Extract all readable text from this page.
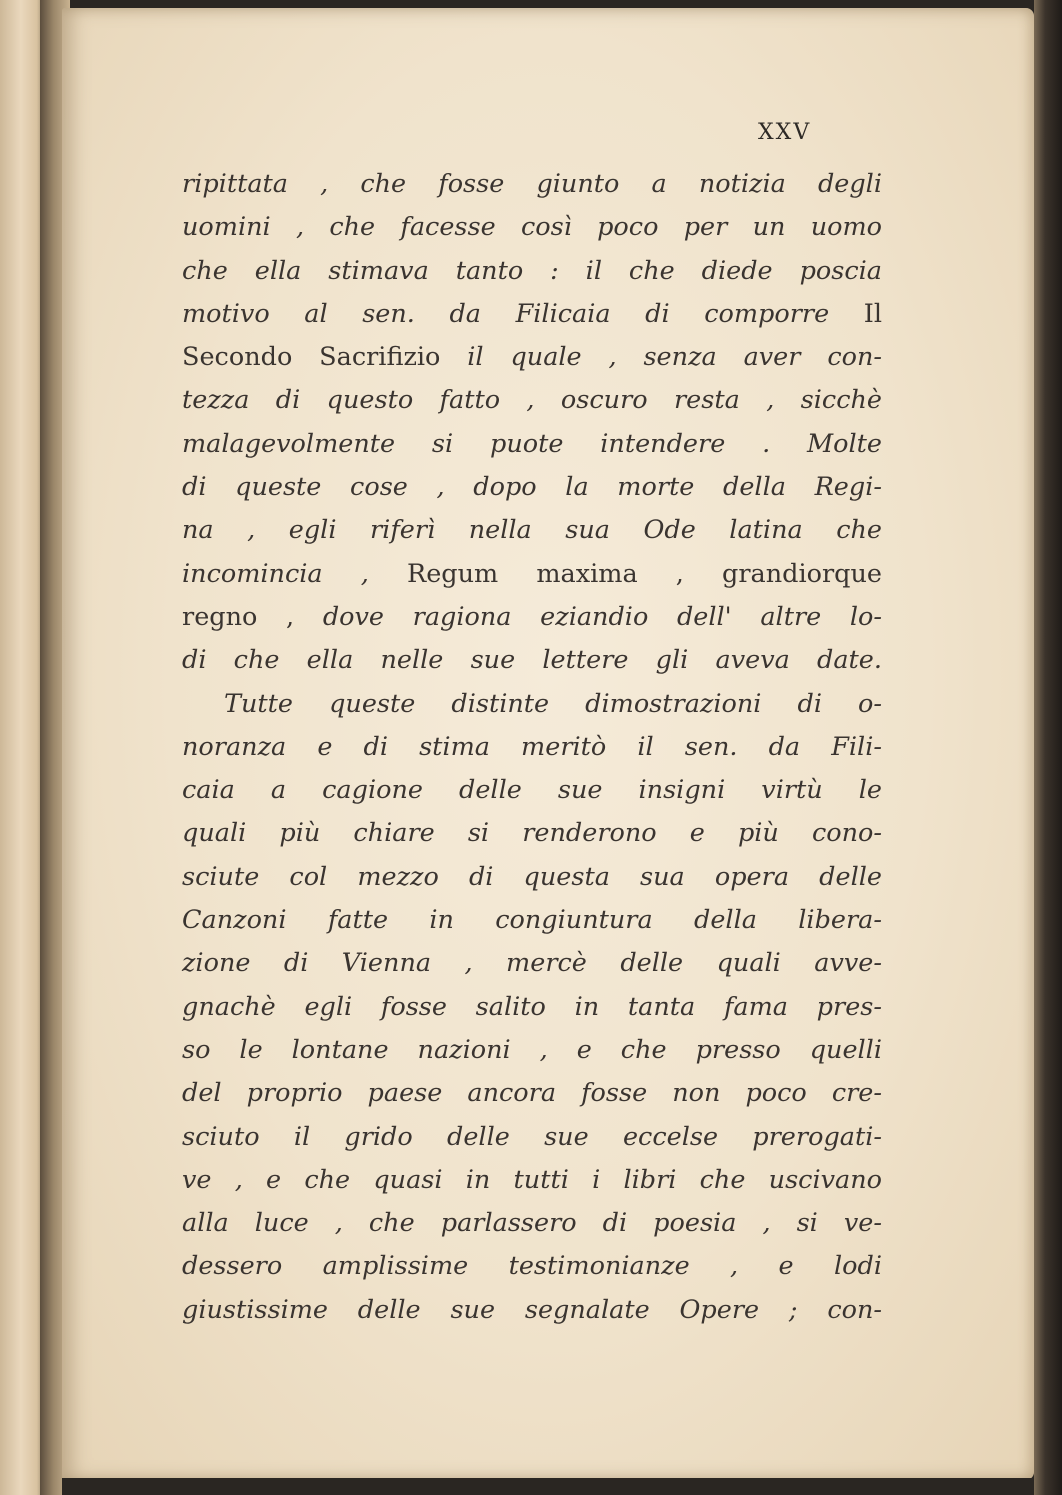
XXV
ripittata , che fosse giunto a notizia degli
uomini , che facesse così poco per un uomo
che ella stimava tanto : il che diede poscia
motivo al sen. da Filicaia di comporre Il
Secondo Sacrifizio il quale , senza aver con-
tezza di questo fatto , oscuro resta , sicchè
malagevolmente si puote intendere . Molte
di queste cose , dopo la morte della Regi-
na , egli riferì nella sua Ode latina che
incomincia , Regum maxima , grandiorque
regno , dove ragiona eziandio dell' altre lo-
di che ella nelle sue lettere gli aveva date.
Tutte queste distinte dimostrazioni di o-
noranza e di stima meritò il sen. da Fili-
caia a cagione delle sue insigni virtù le
quali più chiare si renderono e più cono-
sciute col mezzo di questa sua opera delle
Canzoni fatte in congiuntura della libera-
zione di Vienna , mercè delle quali avve-
gnachè egli fosse salito in tanta fama pres-
so le lontane nazioni , e che presso quelli
del proprio paese ancora fosse non poco cre-
sciuto il grido delle sue eccelse prerogati-
ve , e che quasi in tutti i libri che uscivano
alla luce , che parlassero di poesia , si ve-
dessero amplissime testimonianze , e lodi
giustissime delle sue segnalate Opere ; con-
